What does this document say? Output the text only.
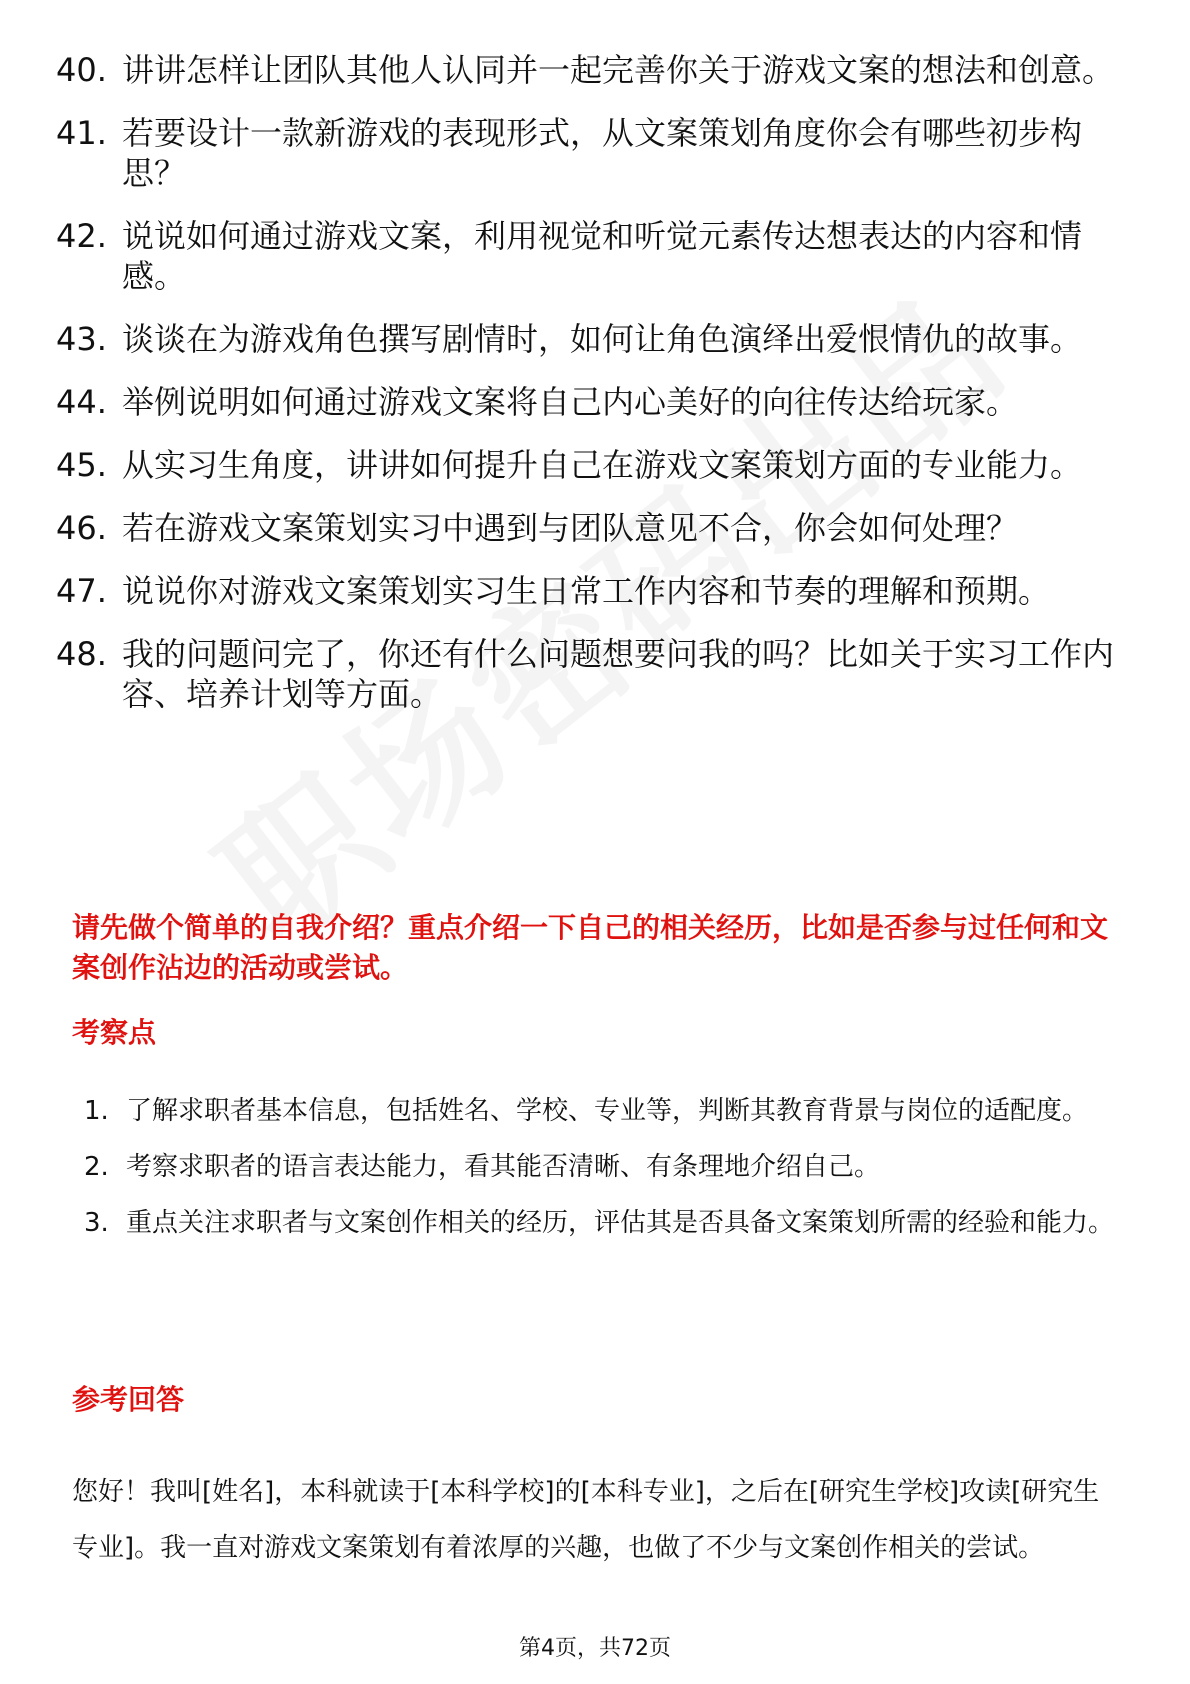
40. 讲讲怎样让团队其他人认同并一起完善你关于游戏文案的想法和创意。
41. 若要设计一款新游戏的表现形式，从文案策划角度你会有哪些初步构思？
42. 说说如何通过游戏文案，利用视觉和听觉元素传达想表达的内容和情感。
43. 谈谈在为游戏角色撰写剧情时，如何让角色演绎出爱恨情仇的故事。
44. 举例说明如何通过游戏文案将自己内心美好的向往传达给玩家。
45. 从实习生角度，讲讲如何提升自己在游戏文案策划方面的专业能力。
46. 若在游戏文案策划实习中遇到与团队意见不合，你会如何处理？
47. 说说你对游戏文案策划实习生日常工作内容和节奏的理解和预期。
48. 我的问题问完了，你还有什么问题想要问我的吗？比如关于实习工作内容、培养计划等方面。
请先做个简单的自我介绍？重点介绍一下自己的相关经历，比如是否参与过任何和文案创作沾边的活动或尝试。
考察点
1. 了解求职者基本信息，包括姓名、学校、专业等，判断其教育背景与岗位的适配度。
2. 考察求职者的语言表达能力，看其能否清晰、有条理地介绍自己。
3. 重点关注求职者与文案创作相关的经历，评估其是否具备文案策划所需的经验和能力。
参考回答
您好！我叫[姓名]，本科就读于[本科学校]的[本科专业]，之后在[研究生学校]攻读[研究生专业]。我一直对游戏文案策划有着浓厚的兴趣，也做了不少与文案创作相关的尝试。
第4页，共72页
